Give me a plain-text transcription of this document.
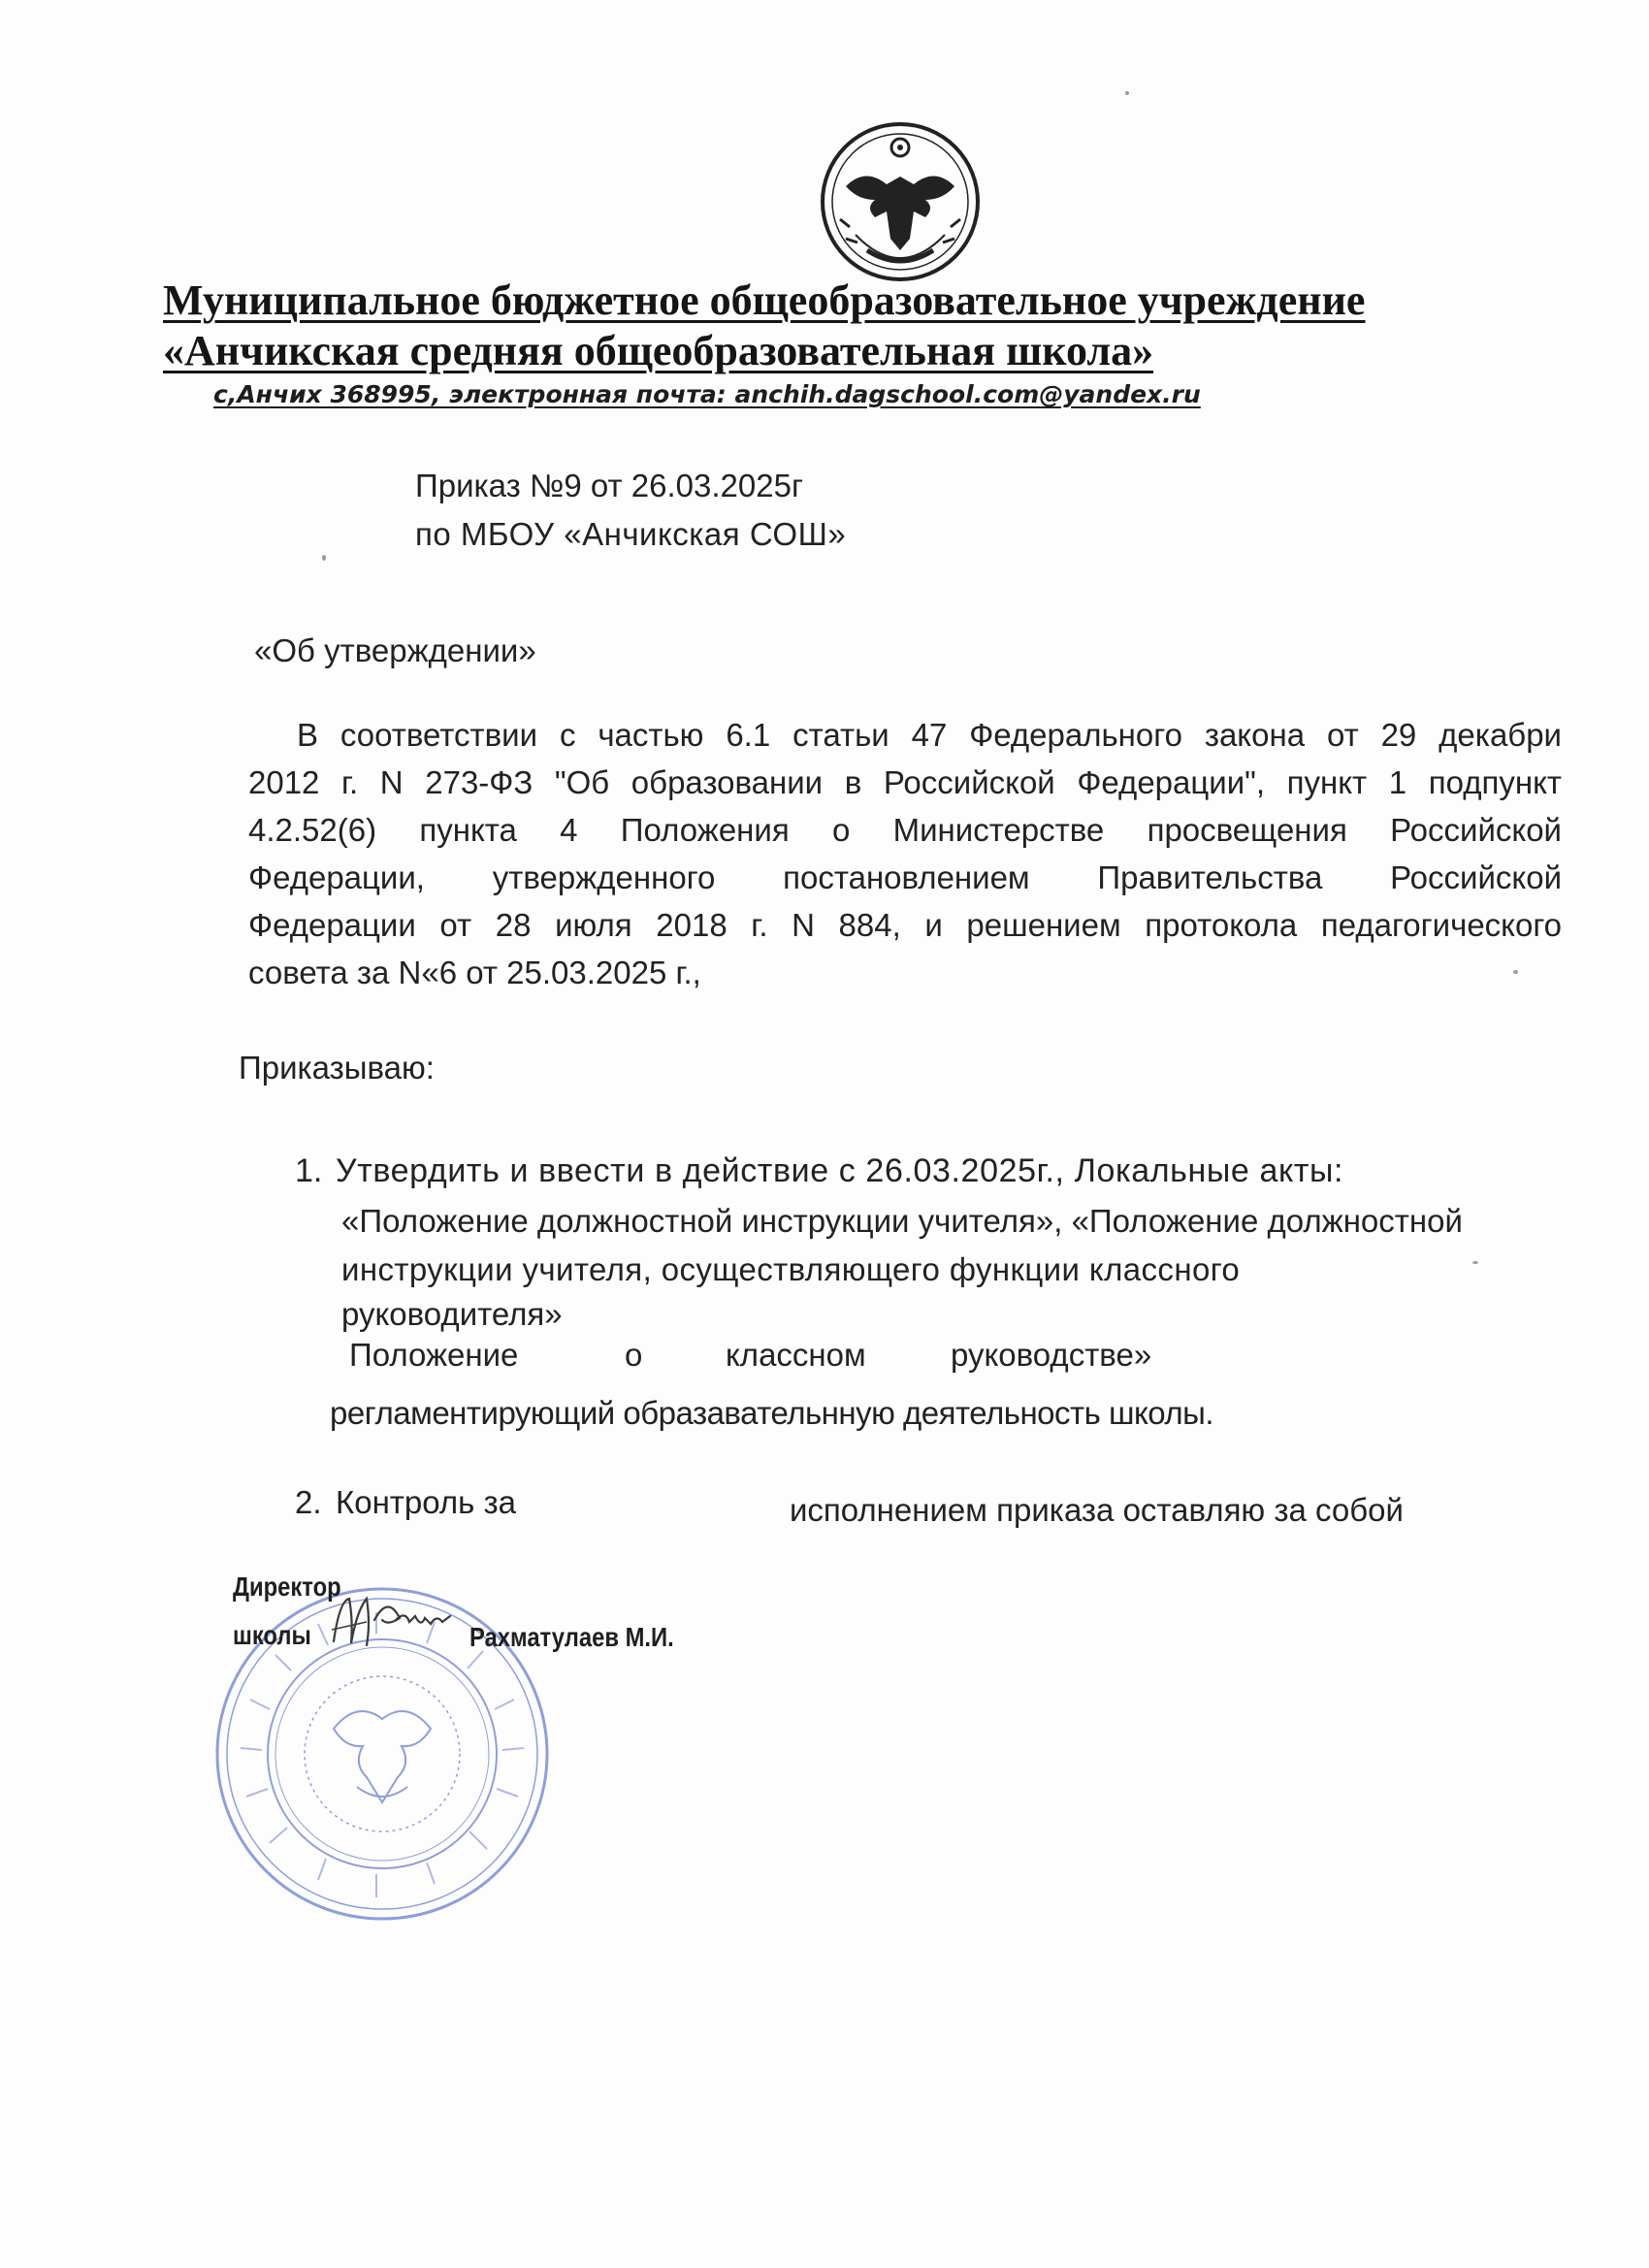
Муниципальное бюджетное общеобразовательное учреждение
«Анчикская средняя общеобразовательная школа»
с,Анчих 368995, электронная почта: anchih.dagschool.com@yandex.ru
Приказ №9 от 26.03.2025г
по МБОУ «Анчикская СОШ»
«Об утверждении»
В соответствии с частью 6.1 статьи 47 Федерального закона от 29 декабри
2012 г. N 273-ФЗ "Об образовании в Российской Федерации", пункт 1 подпункт
4.2.52(6) пункта 4 Положения о Министерстве просвещения Российской
Федерации, утвержденного постановлением Правительства Российской
Федерации от 28 июля 2018 г. N 884, и решением протокола педагогического
совета за N«6 от 25.03.2025 г.,
Приказываю:
1. Утвердить и ввести в действие с 26.03.2025г., Локальные акты:
«Положение должностной инструкции учителя», «Положение должностной
инструкции учителя, осуществляющего функции классного
руководителя»
Положение	о	классном	руководстве»
регламентирующий образавательнную деятельность школы.
2. Контроль за	исполнением приказа оставляю за собой
Директор
школы	Рахматулаев М.И.
